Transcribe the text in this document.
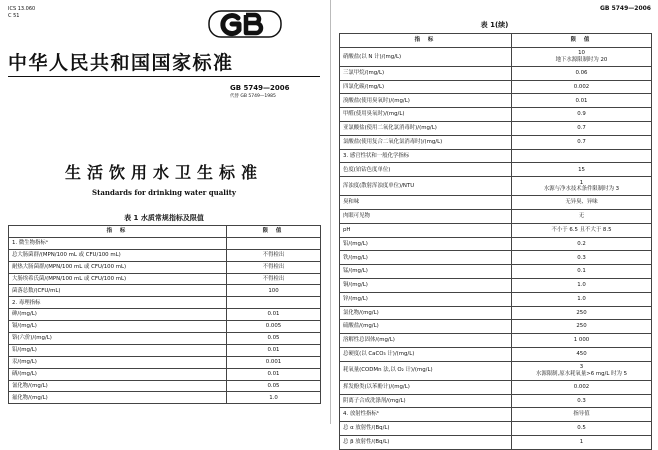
ICS 13.060
C 51
中华人民共和国国家标准
GB 5749—2006
代替 GB 5749—1985
生活饮用水卫生标准
Standards for drinking water quality
表 1 水质常规指标及限值
指 标	限 值
1. 微生物指标ᵃ	
总大肠菌群/(MPN/100 mL 或 CFU/100 mL)	不得检出
耐热大肠菌群/(MPN/100 mL 或 CFU/100 mL)	不得检出
大肠埃希氏菌/(MPN/100 mL 或 CFU/100 mL)	不得检出
菌落总数/(CFU/mL)	100
2. 毒理指标	
砷/(mg/L)	0.01
镉/(mg/L)	0.005
铬(六价)/(mg/L)	0.05
铅/(mg/L)	0.01
汞/(mg/L)	0.001
硒/(mg/L)	0.01
氰化物/(mg/L)	0.05
氟化物/(mg/L)	1.0
GB 5749—2006
表 1(续)
指 标	限 值
硝酸盐(以 N 计)/(mg/L)	10
地下水源限制时为 20

三氯甲烷/(mg/L)	0.06

四氯化碳/(mg/L)	0.002

溴酸盐(使用臭氧时)/(mg/L)	0.01

甲醛(使用臭氧时)/(mg/L)	0.9

亚氯酸盐(使用二氧化氯消毒时)/(mg/L)	0.7

氯酸盐(使用复合二氧化氯消毒时)/(mg/L)	0.7

3. 感官性状和一般化学指标	
色度(铂钴色度单位)	15

浑浊度(散射浑浊度单位)/NTU	1
水源与净水技术条件限制时为 3

臭和味	无异臭、异味

肉眼可见物	无

pH	不小于 6.5 且不大于 8.5

铝/(mg/L)	0.2

铁/(mg/L)	0.3

锰/(mg/L)	0.1

铜/(mg/L)	1.0

锌/(mg/L)	1.0

氯化物/(mg/L)	250

硫酸盐/(mg/L)	250

溶解性总固体/(mg/L)	1 000

总硬度(以 CaCO₃ 计)/(mg/L)	450

耗氧量(CODMn 法,以 O₂ 计)/(mg/L)	3
水源限制,原水耗氧量>6 mg/L 时为 5

挥发酚类(以苯酚计)/(mg/L)	0.002

阴离子合成洗涤剂/(mg/L)	0.3

4. 放射性指标ᵇ	指导值

总 α 放射性/(Bq/L)	0.5

总 β 放射性/(Bq/L)	1
